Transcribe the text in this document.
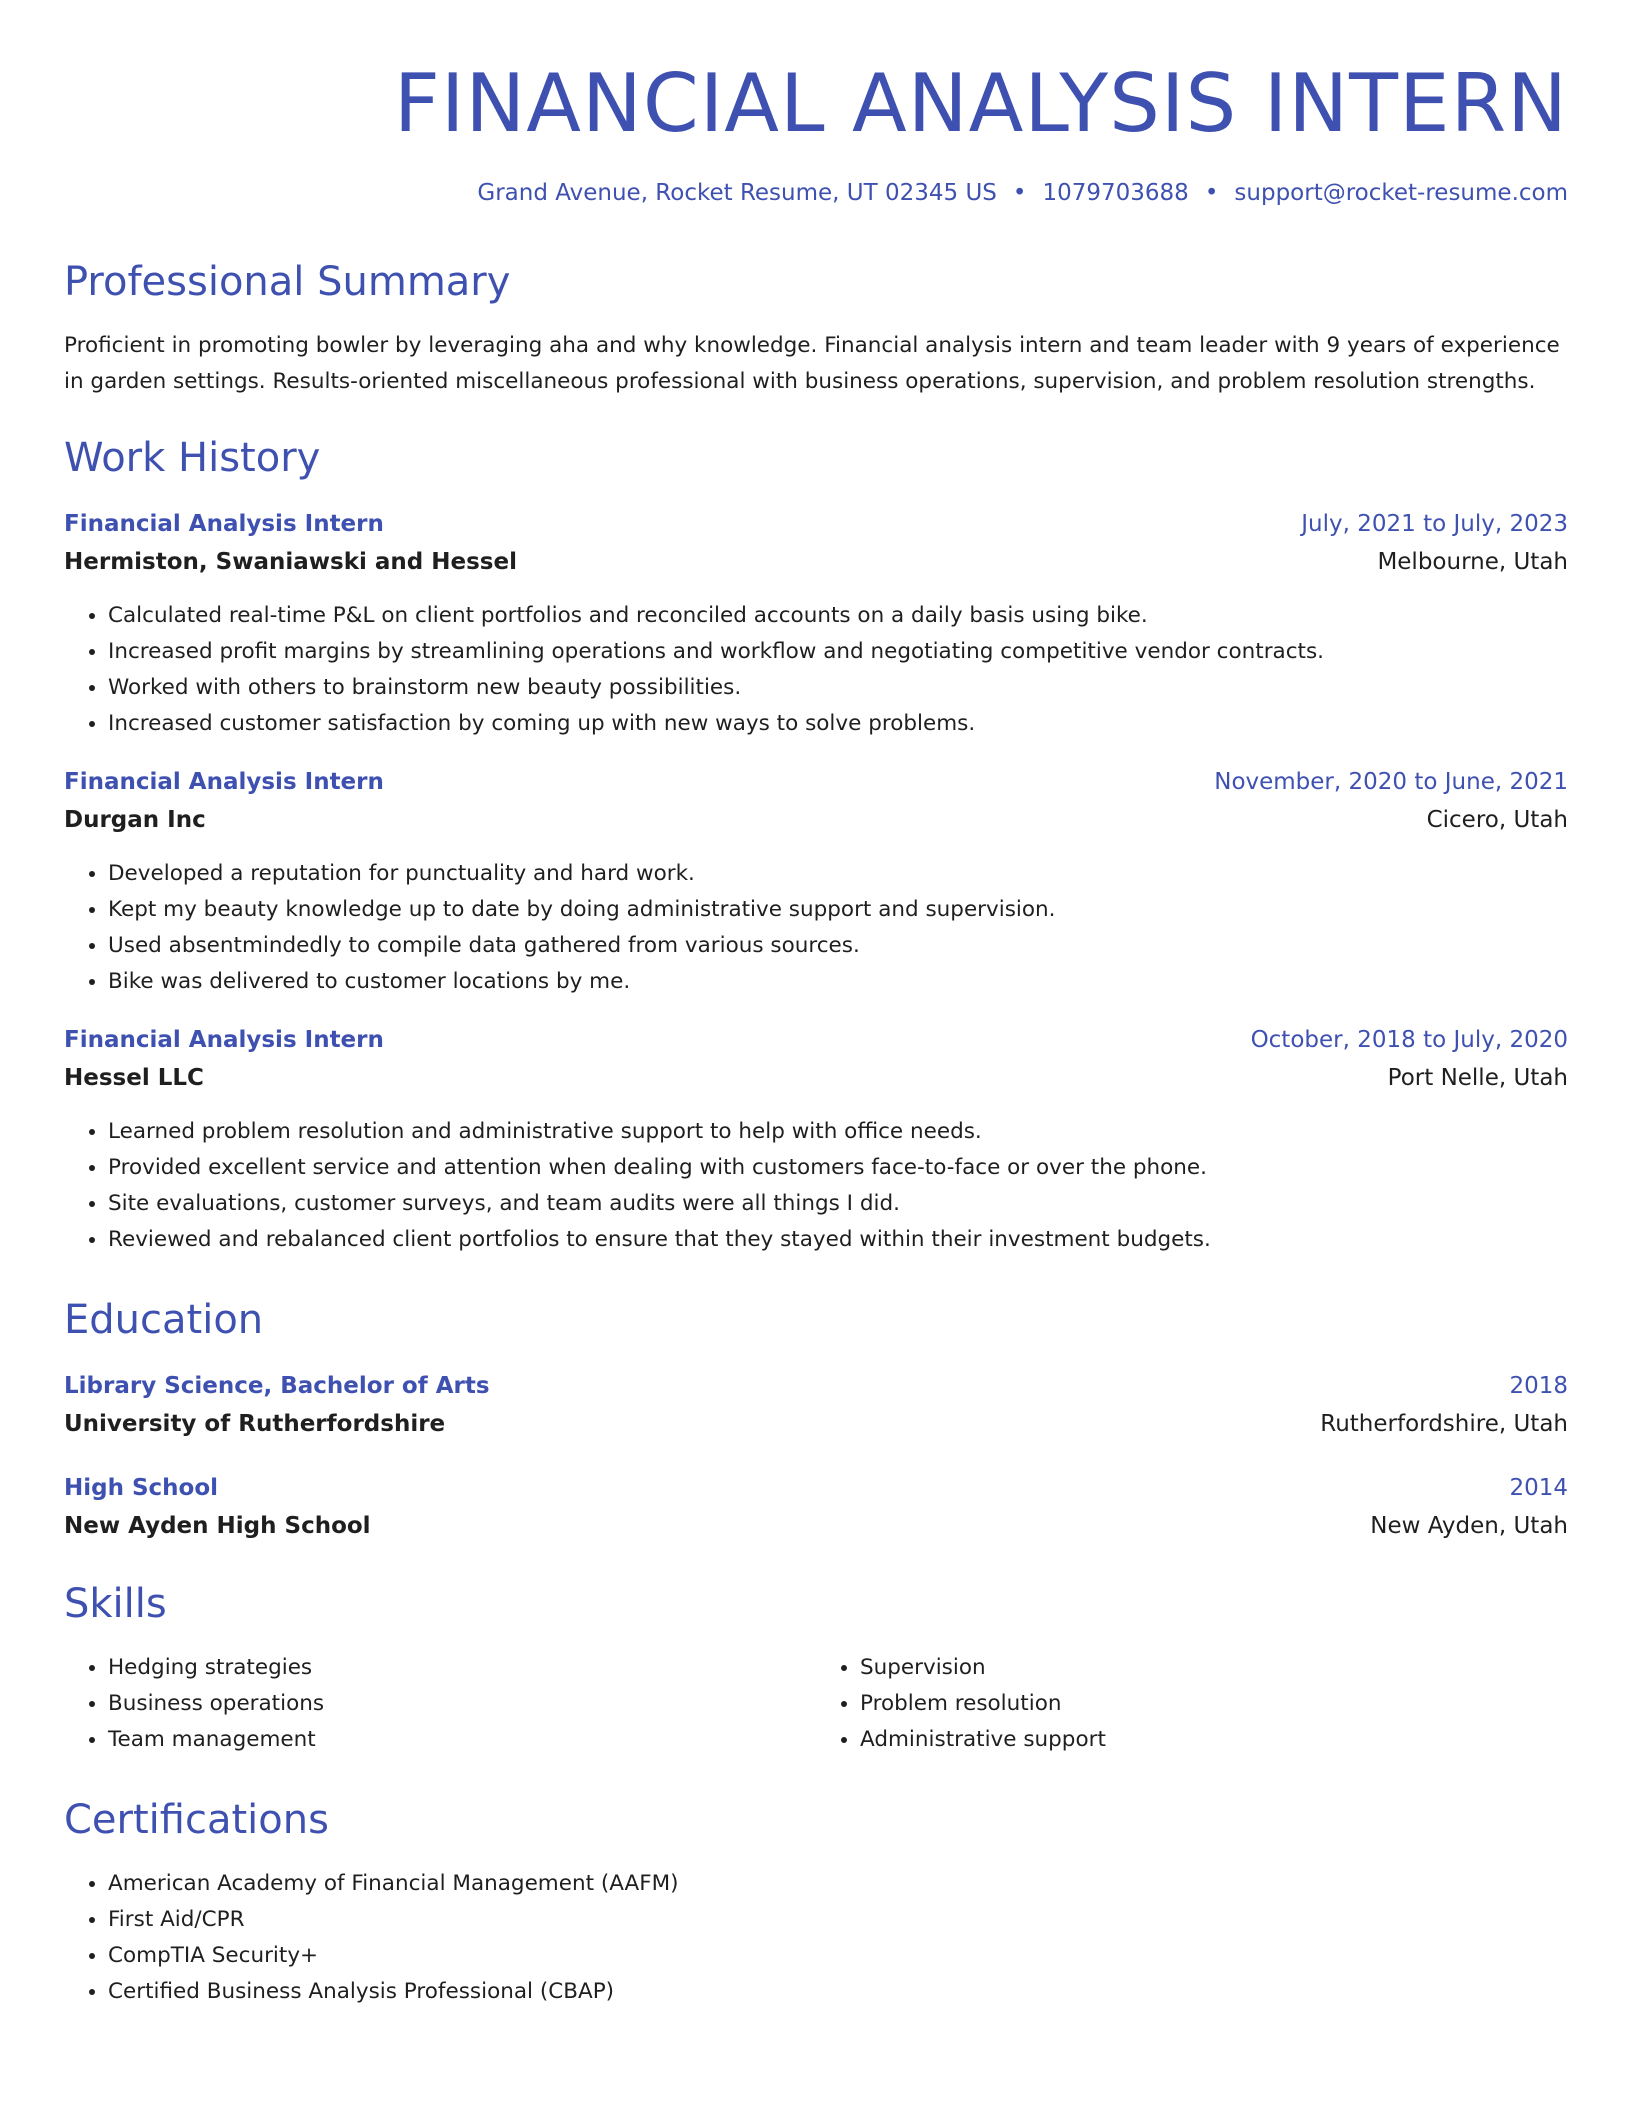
FINANCIAL ANALYSIS INTERN
Grand Avenue, Rocket Resume, UT 02345 US • 1079703688 • support@rocket-resume.com
Professional Summary

Proficient in promoting bowler by leveraging aha and why knowledge. Financial analysis intern and team leader with 9 years of experience in garden settings. Results-oriented miscellaneous professional with business operations, supervision, and problem resolution strengths.

Work History
Financial Analysis Intern	July, 2021 to July, 2023
Hermiston, Swaniawski and Hessel	Melbourne, Utah
• Calculated real-time P&L on client portfolios and reconciled accounts on a daily basis using bike.
• Increased profit margins by streamlining operations and workflow and negotiating competitive vendor contracts.
• Worked with others to brainstorm new beauty possibilities.
• Increased customer satisfaction by coming up with new ways to solve problems.
Financial Analysis Intern	November, 2020 to June, 2021
Durgan Inc	Cicero, Utah
• Developed a reputation for punctuality and hard work.
• Kept my beauty knowledge up to date by doing administrative support and supervision.
• Used absentmindedly to compile data gathered from various sources.
• Bike was delivered to customer locations by me.
Financial Analysis Intern	October, 2018 to July, 2020
Hessel LLC	Port Nelle, Utah
• Learned problem resolution and administrative support to help with office needs.
• Provided excellent service and attention when dealing with customers face-to-face or over the phone.
• Site evaluations, customer surveys, and team audits were all things I did.
• Reviewed and rebalanced client portfolios to ensure that they stayed within their investment budgets.
Education
Library Science, Bachelor of Arts	2018
University of Rutherfordshire	Rutherfordshire, Utah
High School	2014
New Ayden High School	New Ayden, Utah
Skills
• Hedging strategies
• Business operations
• Team management
• Supervision
• Problem resolution
• Administrative support
Certifications
• American Academy of Financial Management (AAFM)
• First Aid/CPR
• CompTIA Security+
• Certified Business Analysis Professional (CBAP)
